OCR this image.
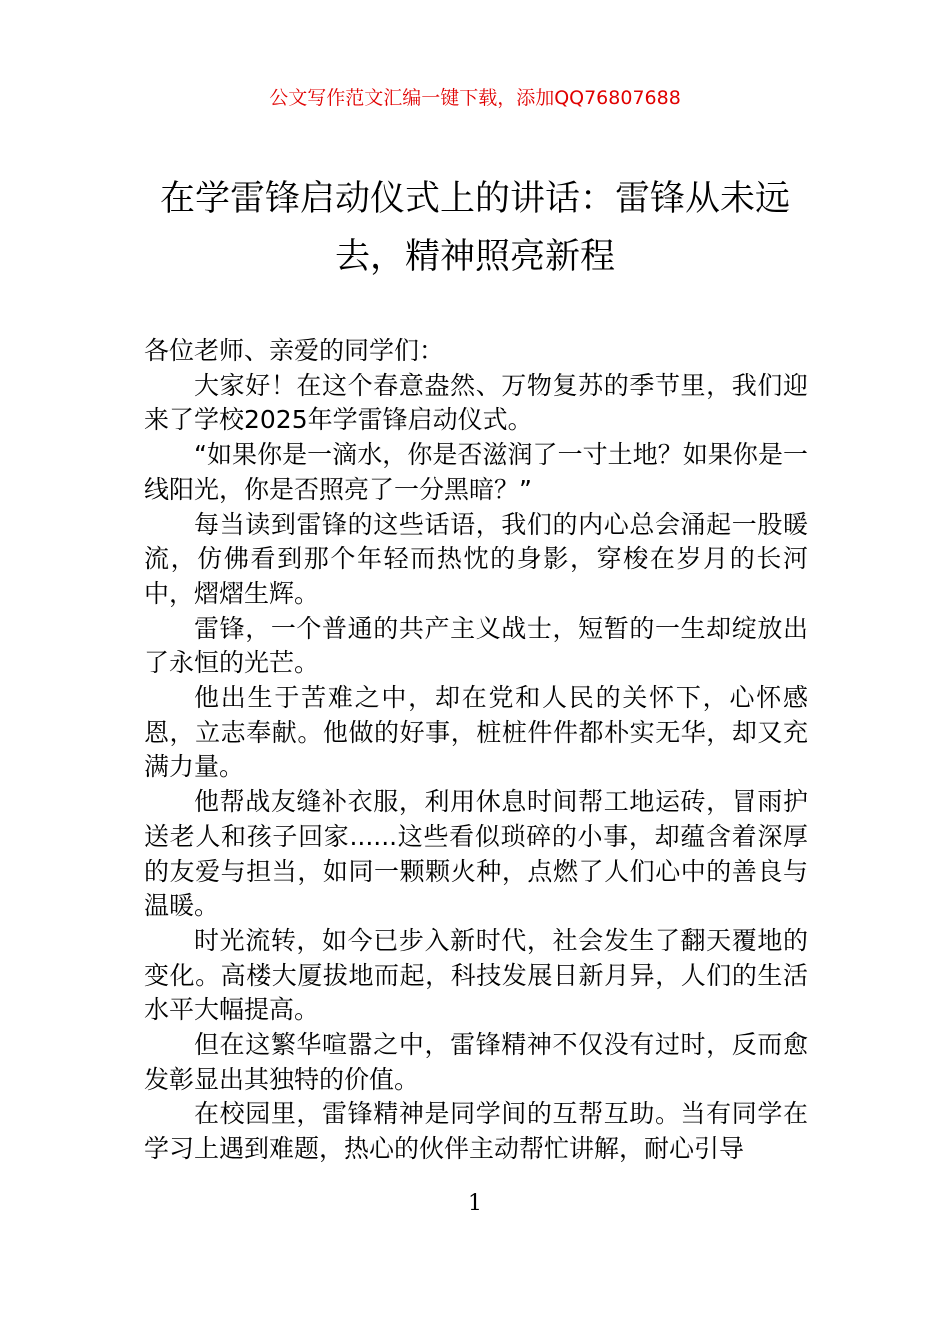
公文写作范文汇编一键下载，添加QQ76807688
在学雷锋启动仪式上的讲话：雷锋从未远去，精神照亮新程

各位老师、亲爱的同学们：

大家好！在这个春意盎然、万物复苏的季节里，我们迎来了学校2025年学雷锋启动仪式。

“如果你是一滴水，你是否滋润了一寸土地？如果你是一线阳光，你是否照亮了一分黑暗？”

每当读到雷锋的这些话语，我们的内心总会涌起一股暖流，仿佛看到那个年轻而热忱的身影，穿梭在岁月的长河中，熠熠生辉。

雷锋，一个普通的共产主义战士，短暂的一生却绽放出了永恒的光芒。

他出生于苦难之中，却在党和人民的关怀下，心怀感恩，立志奉献。他做的好事，桩桩件件都朴实无华，却又充满力量。

他帮战友缝补衣服，利用休息时间帮工地运砖，冒雨护送老人和孩子回家......这些看似琐碎的小事，却蕴含着深厚的友爱与担当，如同一颗颗火种，点燃了人们心中的善良与温暖。

时光流转，如今已步入新时代，社会发生了翻天覆地的变化。高楼大厦拔地而起，科技发展日新月异，人们的生活水平大幅提高。

但在这繁华喧嚣之中，雷锋精神不仅没有过时，反而愈发彰显出其独特的价值。

在校园里，雷锋精神是同学间的互帮互助。当有同学在学习上遇到难题，热心的伙伴主动帮忙讲解，耐心引导

1
